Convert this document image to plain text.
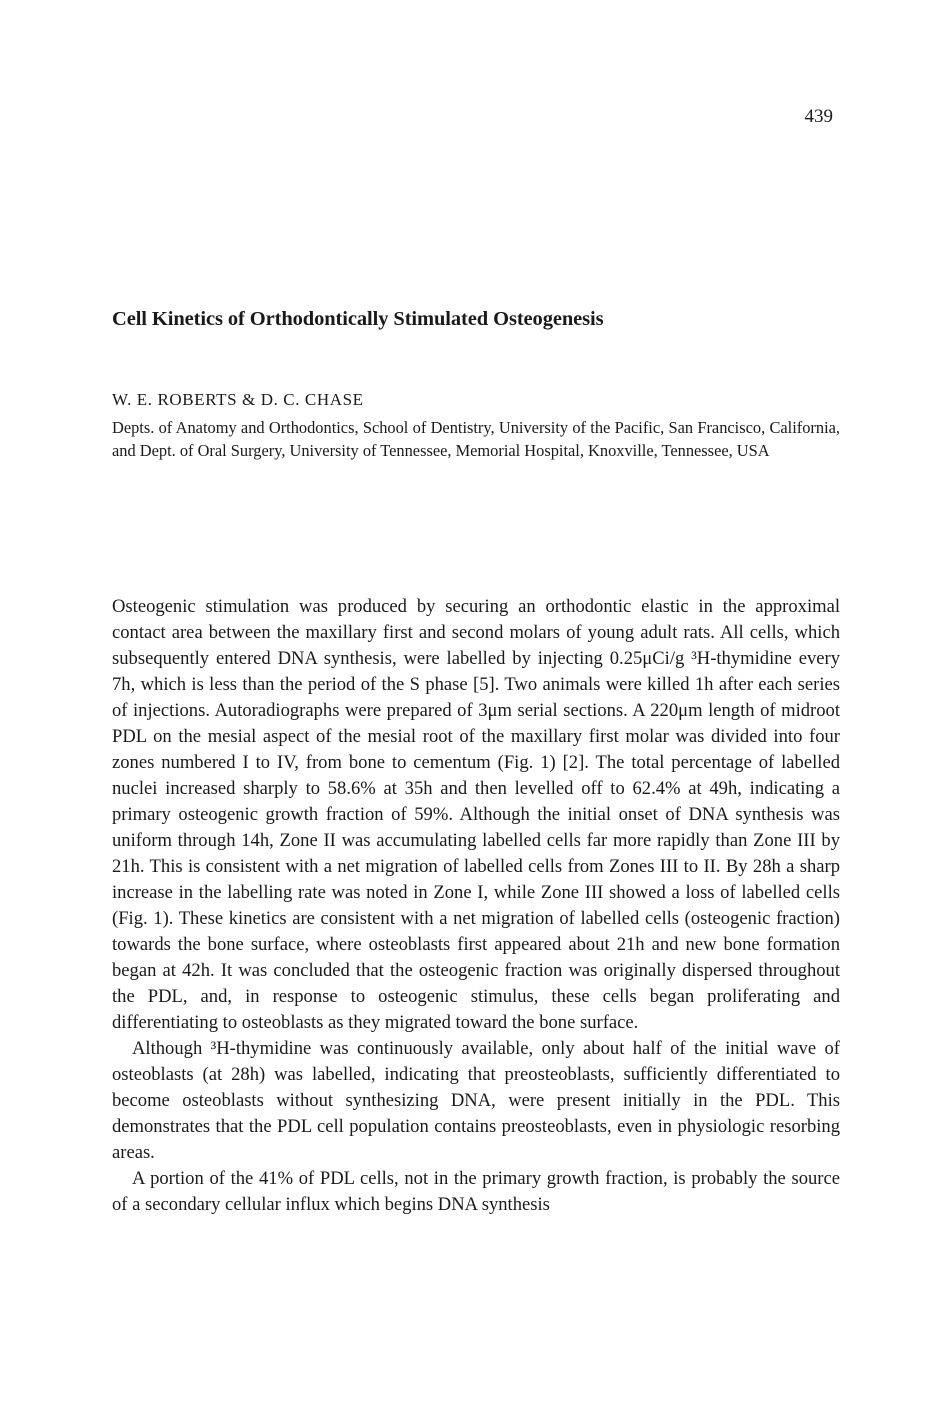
439
Cell Kinetics of Orthodontically Stimulated Osteogenesis

W. E. ROBERTS & D. C. CHASE

Depts. of Anatomy and Orthodontics, School of Dentistry, University of the Pacific, San Francisco, California, and Dept. of Oral Surgery, University of Tennessee, Memorial Hospital, Knoxville, Tennessee, USA

Osteogenic stimulation was produced by securing an orthodontic elastic in the approximal contact area between the maxillary first and second molars of young adult rats. All cells, which subsequently entered DNA synthesis, were labelled by injecting 0.25μCi/g ³H-thymidine every 7h, which is less than the period of the S phase [5]. Two animals were killed 1h after each series of injections. Autoradiographs were prepared of 3μm serial sections. A 220μm length of midroot PDL on the mesial aspect of the mesial root of the maxillary first molar was divided into four zones numbered I to IV, from bone to cementum (Fig. 1) [2]. The total percentage of labelled nuclei increased sharply to 58.6% at 35h and then levelled off to 62.4% at 49h, indicating a primary osteogenic growth fraction of 59%. Although the initial onset of DNA synthesis was uniform through 14h, Zone II was accumulating labelled cells far more rapidly than Zone III by 21h. This is consistent with a net migration of labelled cells from Zones III to II. By 28h a sharp increase in the labelling rate was noted in Zone I, while Zone III showed a loss of labelled cells (Fig. 1). These kinetics are consistent with a net migration of labelled cells (osteogenic fraction) towards the bone surface, where osteoblasts first appeared about 21h and new bone formation began at 42h. It was concluded that the osteogenic fraction was originally dispersed throughout the PDL, and, in response to osteogenic stimulus, these cells began proliferating and differentiating to osteoblasts as they migrated toward the bone surface.

Although ³H-thymidine was continuously available, only about half of the initial wave of osteoblasts (at 28h) was labelled, indicating that preosteoblasts, sufficiently differentiated to become osteoblasts without synthesizing DNA, were present initially in the PDL. This demonstrates that the PDL cell population contains preosteoblasts, even in physiologic resorbing areas.

A portion of the 41% of PDL cells, not in the primary growth fraction, is probably the source of a secondary cellular influx which begins DNA synthesis
